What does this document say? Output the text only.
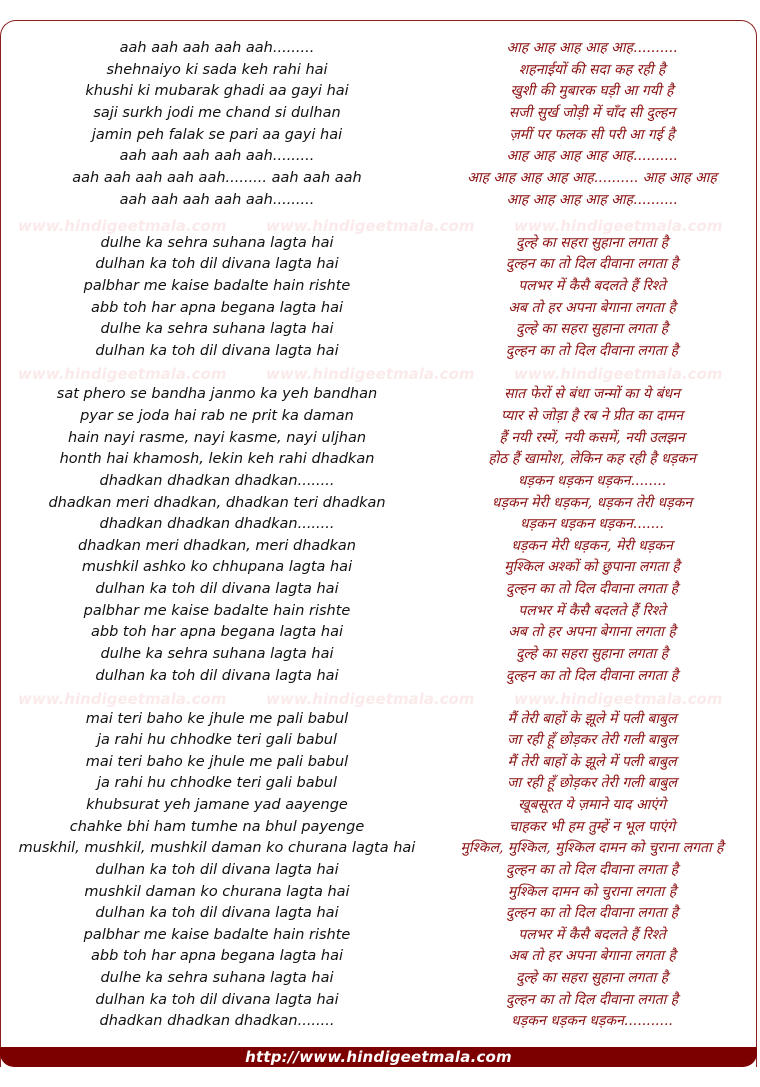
www.hindigeetmala.com	www.hindigeetmala.com	www.hindigeetmala.com
www.hindigeetmala.com	www.hindigeetmala.com	www.hindigeetmala.com
www.hindigeetmala.com	www.hindigeetmala.com	www.hindigeetmala.com
aah aah aah aah aah.........
shehnaiyo ki sada keh rahi hai
khushi ki mubarak ghadi aa gayi hai
saji surkh jodi me chand si dulhan
jamin peh falak se pari aa gayi hai
aah aah aah aah aah.........
aah aah aah aah aah......... aah aah aah
aah aah aah aah aah.........
dulhe ka sehra suhana lagta hai
dulhan ka toh dil divana lagta hai
palbhar me kaise badalte hain rishte
abb toh har apna begana lagta hai
dulhe ka sehra suhana lagta hai
dulhan ka toh dil divana lagta hai
sat phero se bandha janmo ka yeh bandhan
pyar se joda hai rab ne prit ka daman
hain nayi rasme, nayi kasme, nayi uljhan
honth hai khamosh, lekin keh rahi dhadkan
dhadkan dhadkan dhadkan........
dhadkan meri dhadkan, dhadkan teri dhadkan
dhadkan dhadkan dhadkan........
dhadkan meri dhadkan, meri dhadkan
mushkil ashko ko chhupana lagta hai
dulhan ka toh dil divana lagta hai
palbhar me kaise badalte hain rishte
abb toh har apna begana lagta hai
dulhe ka sehra suhana lagta hai
dulhan ka toh dil divana lagta hai
mai teri baho ke jhule me pali babul
ja rahi hu chhodke teri gali babul
mai teri baho ke jhule me pali babul
ja rahi hu chhodke teri gali babul
khubsurat yeh jamane yad aayenge
chahke bhi ham tumhe na bhul payenge
muskhil, mushkil, mushkil daman ko churana lagta hai
dulhan ka toh dil divana lagta hai
mushkil daman ko churana lagta hai
dulhan ka toh dil divana lagta hai
palbhar me kaise badalte hain rishte
abb toh har apna begana lagta hai
dulhe ka sehra suhana lagta hai
dulhan ka toh dil divana lagta hai
dhadkan dhadkan dhadkan........
आह आह आह आह आह..........
शहनाईयों की सदा कह रही है
खुशी की मुबारक घड़ी आ गयी है
सजी सुर्ख जोड़ी में चाँद सी दुल्हन
ज़मीं पर फलक सी परी आ गई है
आह आह आह आह आह..........
आह आह आह आह आह.......... आह आह आह
आह आह आह आह आह..........
दुल्हे का सहरा सुहाना लगता है
दुल्हन का तो दिल दीवाना लगता है
पलभर में कैसै बदलते हैं रिश्ते
अब तो हर अपना बेगाना लगता है
दुल्हे का सहरा सुहाना लगता है
दुल्हन का तो दिल दीवाना लगता है
सात फेरों से बंधा जन्मों का ये बंधन
प्यार से जोड़ा है रब ने प्रीत का दामन
हैं नयी रस्में, नयी कसमें, नयी उलझन
होठ हैं खामोश, लेकिन कह रही है धड़कन
धड़कन धड़कन धड़कन........
धड़कन मेरी धड़कन, धड़कन तेरी धड़कन
धड़कन धड़कन धड़कन.......
धड़कन मेरी धड़कन, मेरी धड़कन
मुश्किल अश्कों को छुपाना लगता है
दुल्हन का तो दिल दीवाना लगता है
पलभर में कैसै बदलते हैं रिश्ते
अब तो हर अपना बेगाना लगता है
दुल्हे का सहरा सुहाना लगता है
दुल्हन का तो दिल दीवाना लगता है
मैं तेरी बाहों के झूले में पली बाबुल
जा रही हूँ छोड़कर तेरी गली बाबुल
मैं तेरी बाहों के झूले में पली बाबुल
जा रही हूँ छोड़कर तेरी गली बाबुल
खूबसूरत ये ज़माने याद आएंगे
चाहकर भी हम तुम्हें न भूल पाएंगे
मुश्किल, मुश्किल, मुश्किल दामन को चुराना लगता है
दुल्हन का तो दिल दीवाना लगता है
मुश्किल दामन को चुराना लगता है
दुल्हन का तो दिल दीवाना लगता है
पलभर में कैसै बदलते हैं रिश्ते
अब तो हर अपना बेगाना लगता है
दुल्हे का सहरा सुहाना लगता है
दुल्हन का तो दिल दीवाना लगता है
धड़कन धड़कन धड़कन...........
http://www.hindigeetmala.com
